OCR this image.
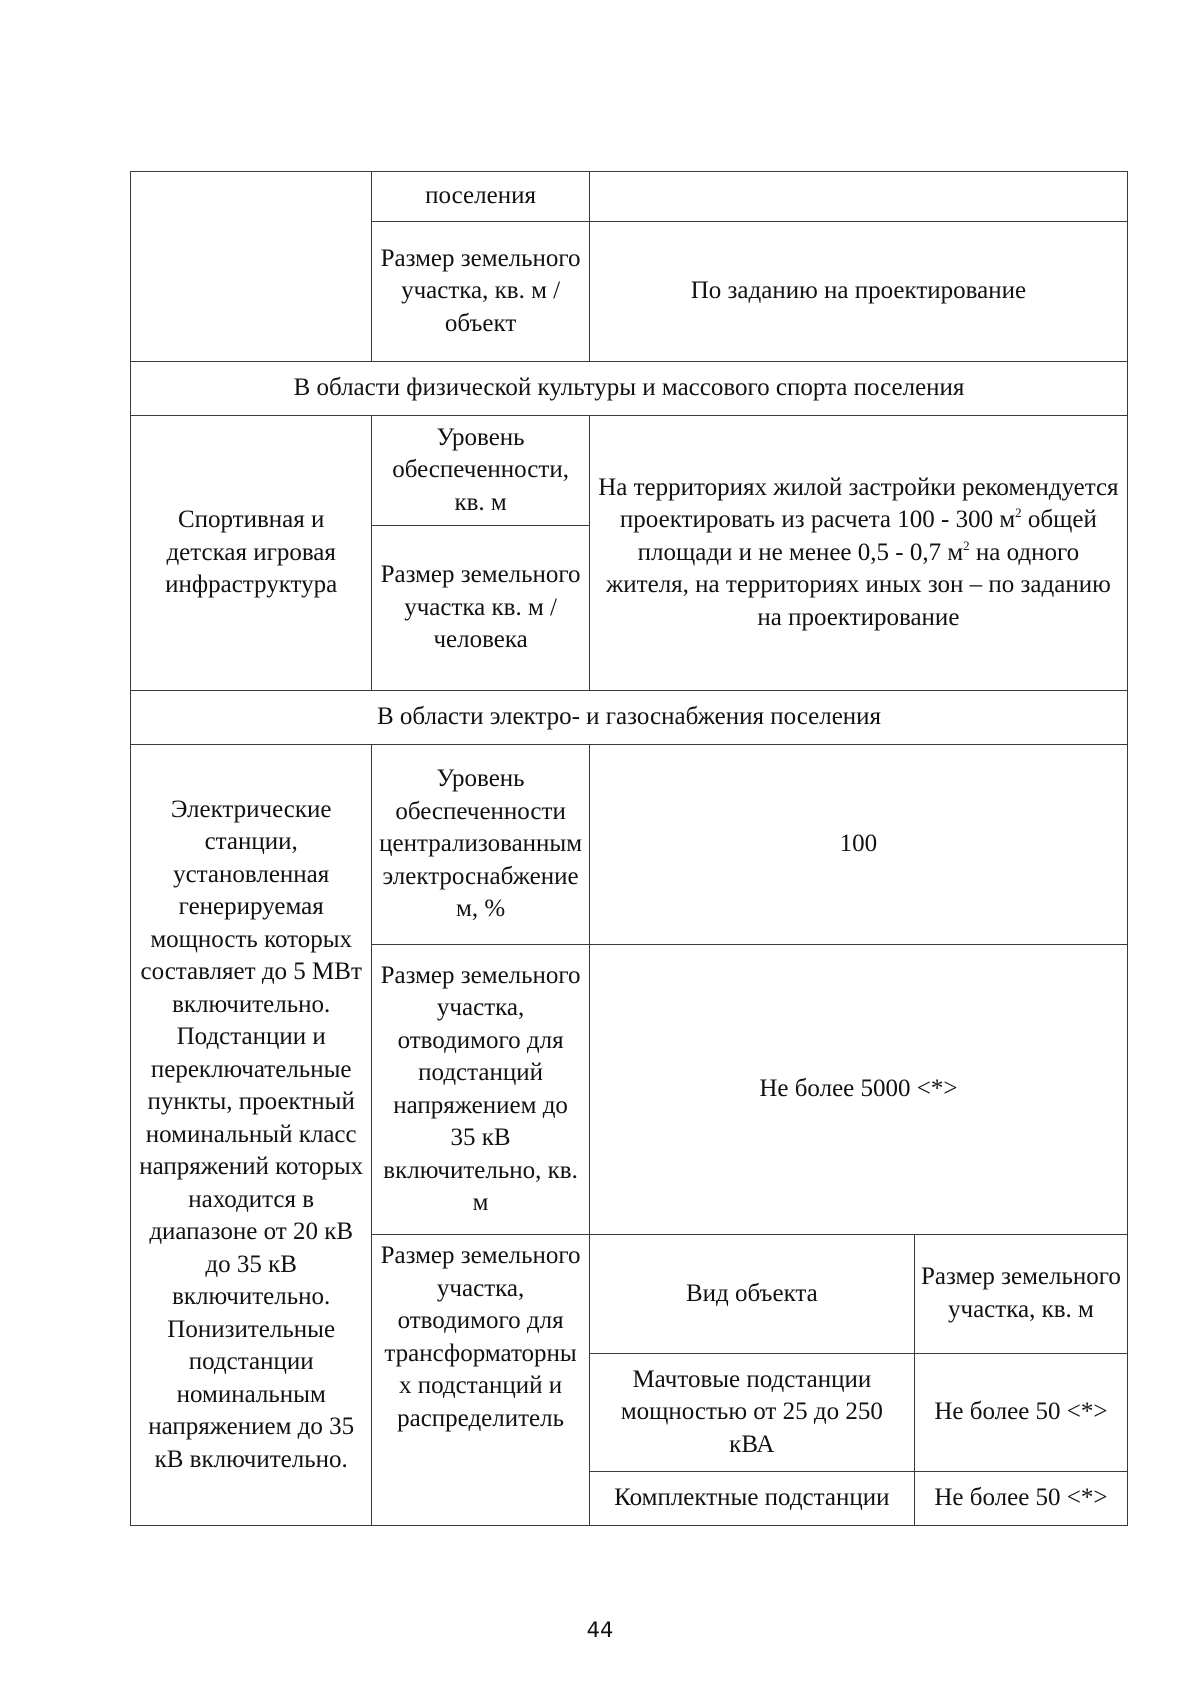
	поселения		
	Размер земельного участка, кв. м / объект	По заданию на проектирование	
В области физической культуры и массового спорта поселения			
Спортивная и детская игровая инфраструктура	Уровень обеспеченности, кв. м	На территориях жилой застройки рекомендуется проектировать из расчета 100 - 300 $м^2$ общей площади и не менее 0,5 - 0,7 $м^2$ на одного жителя, на территориях иных зон – по заданию на проектирование	
	Размер земельного участка кв. м / человека		
В области электро- и газоснабжения поселения			
Электрические станции, установленная генерируемая мощность которых составляет до 5 МВт включительно. Подстанции и переключательные пункты, проектный номинальный класс напряжений которых находится в диапазоне от 20 кВ до 35 кВ включительно. Понизительные подстанции номинальным напряжением до 35 кВ включительно.	Уровень обеспеченности централизованным электроснабжением, %	100	
	Размер земельного участка, отводимого для подстанций напряжением до 35 кВ включительно, кв. м	Не более 5000 <*>	

	Размер земельного участка, отводимого для трансформаторных подстанций и распределитель	Вид объекта	Размер земельного участка, кв. м
		Мачтовые подстанции мощностью от 25 до 250 кВА	Не более 50 <*>
		Комплектные подстанции	Не более 50 <*>
44
